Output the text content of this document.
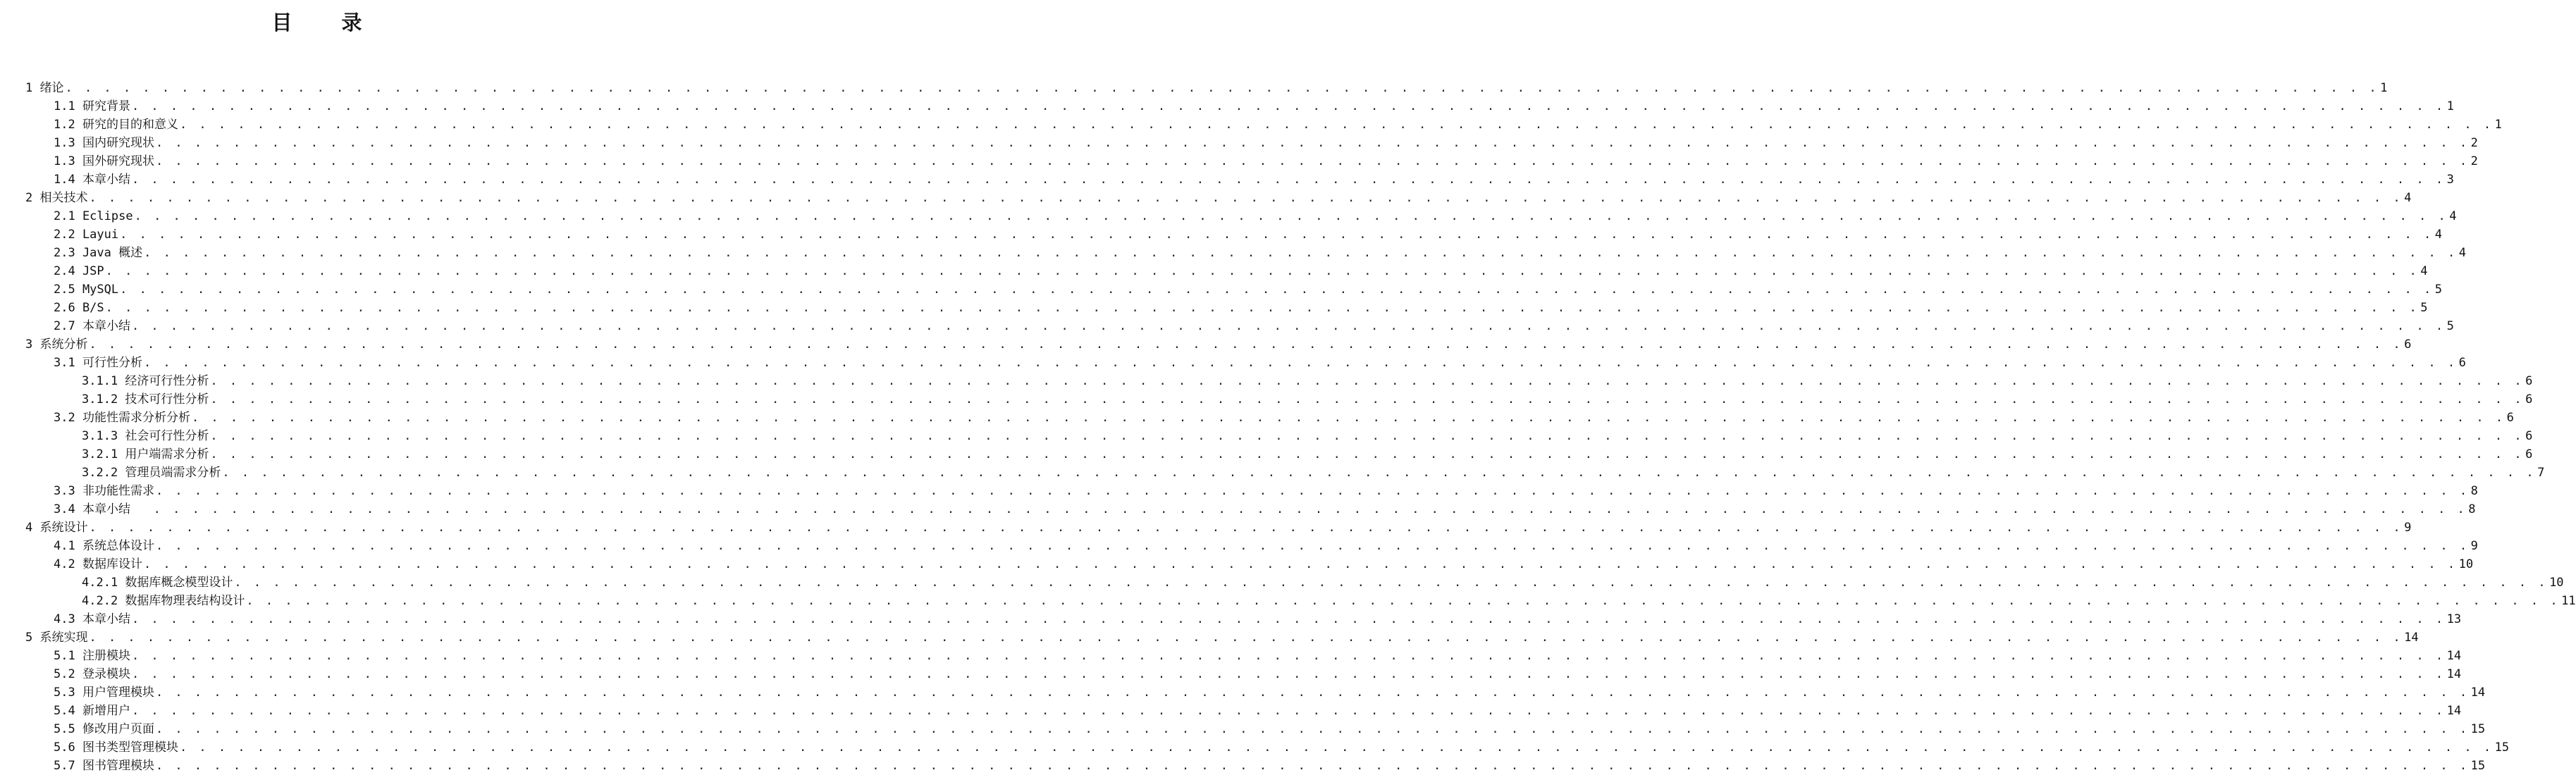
目 录
1 绪论 . . . . . . . . . . . . . . . . . . . . . . . . . . . . . . . . . . . . . . . . . . . . . . . . . . . . . . . . . . . . . . . . . . . . . . . . . . . . . . . . . . . . . . . . . . . . . . . . . . . . . . . . . . . . . . . . . . . . . . . . 1
1.1 研究背景 . . . . . . . . . . . . . . . . . . . . . . . . . . . . . . . . . . . . . . . . . . . . . . . . . . . . . . . . . . . . . . . . . . . . . . . . . . . . . . . . . . . . . . . . . . . . . . . . . . . . . . . . . . . . . . . . . . . . . . . . 1
1.2 研究的目的和意义 . . . . . . . . . . . . . . . . . . . . . . . . . . . . . . . . . . . . . . . . . . . . . . . . . . . . . . . . . . . . . . . . . . . . . . . . . . . . . . . . . . . . . . . . . . . . . . . . . . . . . . . . . . . . . . . . . . . . . . . . 1
1.3 国内研究现状 . . . . . . . . . . . . . . . . . . . . . . . . . . . . . . . . . . . . . . . . . . . . . . . . . . . . . . . . . . . . . . . . . . . . . . . . . . . . . . . . . . . . . . . . . . . . . . . . . . . . . . . . . . . . . . . . . . . . . . . . 2
1.3 国外研究现状 . . . . . . . . . . . . . . . . . . . . . . . . . . . . . . . . . . . . . . . . . . . . . . . . . . . . . . . . . . . . . . . . . . . . . . . . . . . . . . . . . . . . . . . . . . . . . . . . . . . . . . . . . . . . . . . . . . . . . . . . 2
1.4 本章小结 . . . . . . . . . . . . . . . . . . . . . . . . . . . . . . . . . . . . . . . . . . . . . . . . . . . . . . . . . . . . . . . . . . . . . . . . . . . . . . . . . . . . . . . . . . . . . . . . . . . . . . . . . . . . . . . . . . . . . . . . 3
2 相关技术 . . . . . . . . . . . . . . . . . . . . . . . . . . . . . . . . . . . . . . . . . . . . . . . . . . . . . . . . . . . . . . . . . . . . . . . . . . . . . . . . . . . . . . . . . . . . . . . . . . . . . . . . . . . . . . . . . . . . . . . . 4
2.1 Eclipse . . . . . . . . . . . . . . . . . . . . . . . . . . . . . . . . . . . . . . . . . . . . . . . . . . . . . . . . . . . . . . . . . . . . . . . . . . . . . . . . . . . . . . . . . . . . . . . . . . . . . . . . . . . . . . . . . . . . . . . . 4
2.2 Layui . . . . . . . . . . . . . . . . . . . . . . . . . . . . . . . . . . . . . . . . . . . . . . . . . . . . . . . . . . . . . . . . . . . . . . . . . . . . . . . . . . . . . . . . . . . . . . . . . . . . . . . . . . . . . . . . . . . . . . . . 4
2.3 Java 概述 . . . . . . . . . . . . . . . . . . . . . . . . . . . . . . . . . . . . . . . . . . . . . . . . . . . . . . . . . . . . . . . . . . . . . . . . . . . . . . . . . . . . . . . . . . . . . . . . . . . . . . . . . . . . . . . . . . . . . . . . 4
2.4 JSP . . . . . . . . . . . . . . . . . . . . . . . . . . . . . . . . . . . . . . . . . . . . . . . . . . . . . . . . . . . . . . . . . . . . . . . . . . . . . . . . . . . . . . . . . . . . . . . . . . . . . . . . . . . . . . . . . . . . . . . . 4
2.5 MySQL . . . . . . . . . . . . . . . . . . . . . . . . . . . . . . . . . . . . . . . . . . . . . . . . . . . . . . . . . . . . . . . . . . . . . . . . . . . . . . . . . . . . . . . . . . . . . . . . . . . . . . . . . . . . . . . . . . . . . . . . 5
2.6 B/S . . . . . . . . . . . . . . . . . . . . . . . . . . . . . . . . . . . . . . . . . . . . . . . . . . . . . . . . . . . . . . . . . . . . . . . . . . . . . . . . . . . . . . . . . . . . . . . . . . . . . . . . . . . . . . . . . . . . . . . . 5
2.7 本章小结 . . . . . . . . . . . . . . . . . . . . . . . . . . . . . . . . . . . . . . . . . . . . . . . . . . . . . . . . . . . . . . . . . . . . . . . . . . . . . . . . . . . . . . . . . . . . . . . . . . . . . . . . . . . . . . . . . . . . . . . . 5
3 系统分析 . . . . . . . . . . . . . . . . . . . . . . . . . . . . . . . . . . . . . . . . . . . . . . . . . . . . . . . . . . . . . . . . . . . . . . . . . . . . . . . . . . . . . . . . . . . . . . . . . . . . . . . . . . . . . . . . . . . . . . . . 6
3.1 可行性分析 . . . . . . . . . . . . . . . . . . . . . . . . . . . . . . . . . . . . . . . . . . . . . . . . . . . . . . . . . . . . . . . . . . . . . . . . . . . . . . . . . . . . . . . . . . . . . . . . . . . . . . . . . . . . . . . . . . . . . . . . 6
3.1.1 经济可行性分析 . . . . . . . . . . . . . . . . . . . . . . . . . . . . . . . . . . . . . . . . . . . . . . . . . . . . . . . . . . . . . . . . . . . . . . . . . . . . . . . . . . . . . . . . . . . . . . . . . . . . . . . . . . . . . . . . . . . . . . . . 6
3.1.2 技术可行性分析 . . . . . . . . . . . . . . . . . . . . . . . . . . . . . . . . . . . . . . . . . . . . . . . . . . . . . . . . . . . . . . . . . . . . . . . . . . . . . . . . . . . . . . . . . . . . . . . . . . . . . . . . . . . . . . . . . . . . . . . . 6
3.2 功能性需求分析分析 . . . . . . . . . . . . . . . . . . . . . . . . . . . . . . . . . . . . . . . . . . . . . . . . . . . . . . . . . . . . . . . . . . . . . . . . . . . . . . . . . . . . . . . . . . . . . . . . . . . . . . . . . . . . . . . . . . . . . . . . 6
3.1.3 社会可行性分析 . . . . . . . . . . . . . . . . . . . . . . . . . . . . . . . . . . . . . . . . . . . . . . . . . . . . . . . . . . . . . . . . . . . . . . . . . . . . . . . . . . . . . . . . . . . . . . . . . . . . . . . . . . . . . . . . . . . . . . . . 6
3.2.1 用户端需求分析 . . . . . . . . . . . . . . . . . . . . . . . . . . . . . . . . . . . . . . . . . . . . . . . . . . . . . . . . . . . . . . . . . . . . . . . . . . . . . . . . . . . . . . . . . . . . . . . . . . . . . . . . . . . . . . . . . . . . . . . . 6
3.2.2 管理员端需求分析 . . . . . . . . . . . . . . . . . . . . . . . . . . . . . . . . . . . . . . . . . . . . . . . . . . . . . . . . . . . . . . . . . . . . . . . . . . . . . . . . . . . . . . . . . . . . . . . . . . . . . . . . . . . . . . . . . . . . . . . . 7
3.3 非功能性需求 . . . . . . . . . . . . . . . . . . . . . . . . . . . . . . . . . . . . . . . . . . . . . . . . . . . . . . . . . . . . . . . . . . . . . . . . . . . . . . . . . . . . . . . . . . . . . . . . . . . . . . . . . . . . . . . . . . . . . . . . 8
3.4 本章小结 . . . . . . . . . . . . . . . . . . . . . . . . . . . . . . . . . . . . . . . . . . . . . . . . . . . . . . . . . . . . . . . . . . . . . . . . . . . . . . . . . . . . . . . . . . . . . . . . . . . . . . . . . . . . . . . . . . . . . . . . 8
4 系统设计 . . . . . . . . . . . . . . . . . . . . . . . . . . . . . . . . . . . . . . . . . . . . . . . . . . . . . . . . . . . . . . . . . . . . . . . . . . . . . . . . . . . . . . . . . . . . . . . . . . . . . . . . . . . . . . . . . . . . . . . . 9
4.1 系统总体设计 . . . . . . . . . . . . . . . . . . . . . . . . . . . . . . . . . . . . . . . . . . . . . . . . . . . . . . . . . . . . . . . . . . . . . . . . . . . . . . . . . . . . . . . . . . . . . . . . . . . . . . . . . . . . . . . . . . . . . . . . 9
4.2 数据库设计 . . . . . . . . . . . . . . . . . . . . . . . . . . . . . . . . . . . . . . . . . . . . . . . . . . . . . . . . . . . . . . . . . . . . . . . . . . . . . . . . . . . . . . . . . . . . . . . . . . . . . . . . . . . . . . . . . . . . . . . . 10
4.2.1 数据库概念模型设计 . . . . . . . . . . . . . . . . . . . . . . . . . . . . . . . . . . . . . . . . . . . . . . . . . . . . . . . . . . . . . . . . . . . . . . . . . . . . . . . . . . . . . . . . . . . . . . . . . . . . . . . . . . . . . . . . . . . . . . . . 10
4.2.2 数据库物理表结构设计 . . . . . . . . . . . . . . . . . . . . . . . . . . . . . . . . . . . . . . . . . . . . . . . . . . . . . . . . . . . . . . . . . . . . . . . . . . . . . . . . . . . . . . . . . . . . . . . . . . . . . . . . . . . . . . . . . . . . . . . . 11
4.3 本章小结 . . . . . . . . . . . . . . . . . . . . . . . . . . . . . . . . . . . . . . . . . . . . . . . . . . . . . . . . . . . . . . . . . . . . . . . . . . . . . . . . . . . . . . . . . . . . . . . . . . . . . . . . . . . . . . . . . . . . . . . . 13
5 系统实现 . . . . . . . . . . . . . . . . . . . . . . . . . . . . . . . . . . . . . . . . . . . . . . . . . . . . . . . . . . . . . . . . . . . . . . . . . . . . . . . . . . . . . . . . . . . . . . . . . . . . . . . . . . . . . . . . . . . . . . . . 14
5.1 注册模块 . . . . . . . . . . . . . . . . . . . . . . . . . . . . . . . . . . . . . . . . . . . . . . . . . . . . . . . . . . . . . . . . . . . . . . . . . . . . . . . . . . . . . . . . . . . . . . . . . . . . . . . . . . . . . . . . . . . . . . . . 14
5.2 登录模块 . . . . . . . . . . . . . . . . . . . . . . . . . . . . . . . . . . . . . . . . . . . . . . . . . . . . . . . . . . . . . . . . . . . . . . . . . . . . . . . . . . . . . . . . . . . . . . . . . . . . . . . . . . . . . . . . . . . . . . . . 14
5.3 用户管理模块 . . . . . . . . . . . . . . . . . . . . . . . . . . . . . . . . . . . . . . . . . . . . . . . . . . . . . . . . . . . . . . . . . . . . . . . . . . . . . . . . . . . . . . . . . . . . . . . . . . . . . . . . . . . . . . . . . . . . . . . . 14
5.4 新增用户 . . . . . . . . . . . . . . . . . . . . . . . . . . . . . . . . . . . . . . . . . . . . . . . . . . . . . . . . . . . . . . . . . . . . . . . . . . . . . . . . . . . . . . . . . . . . . . . . . . . . . . . . . . . . . . . . . . . . . . . . 14
5.5 修改用户页面 . . . . . . . . . . . . . . . . . . . . . . . . . . . . . . . . . . . . . . . . . . . . . . . . . . . . . . . . . . . . . . . . . . . . . . . . . . . . . . . . . . . . . . . . . . . . . . . . . . . . . . . . . . . . . . . . . . . . . . . . 15
5.6 图书类型管理模块 . . . . . . . . . . . . . . . . . . . . . . . . . . . . . . . . . . . . . . . . . . . . . . . . . . . . . . . . . . . . . . . . . . . . . . . . . . . . . . . . . . . . . . . . . . . . . . . . . . . . . . . . . . . . . . . . . . . . . . . . 15
5.7 图书管理模块 . . . . . . . . . . . . . . . . . . . . . . . . . . . . . . . . . . . . . . . . . . . . . . . . . . . . . . . . . . . . . . . . . . . . . . . . . . . . . . . . . . . . . . . . . . . . . . . . . . . . . . . . . . . . . . . . . . . . . . . . 15
